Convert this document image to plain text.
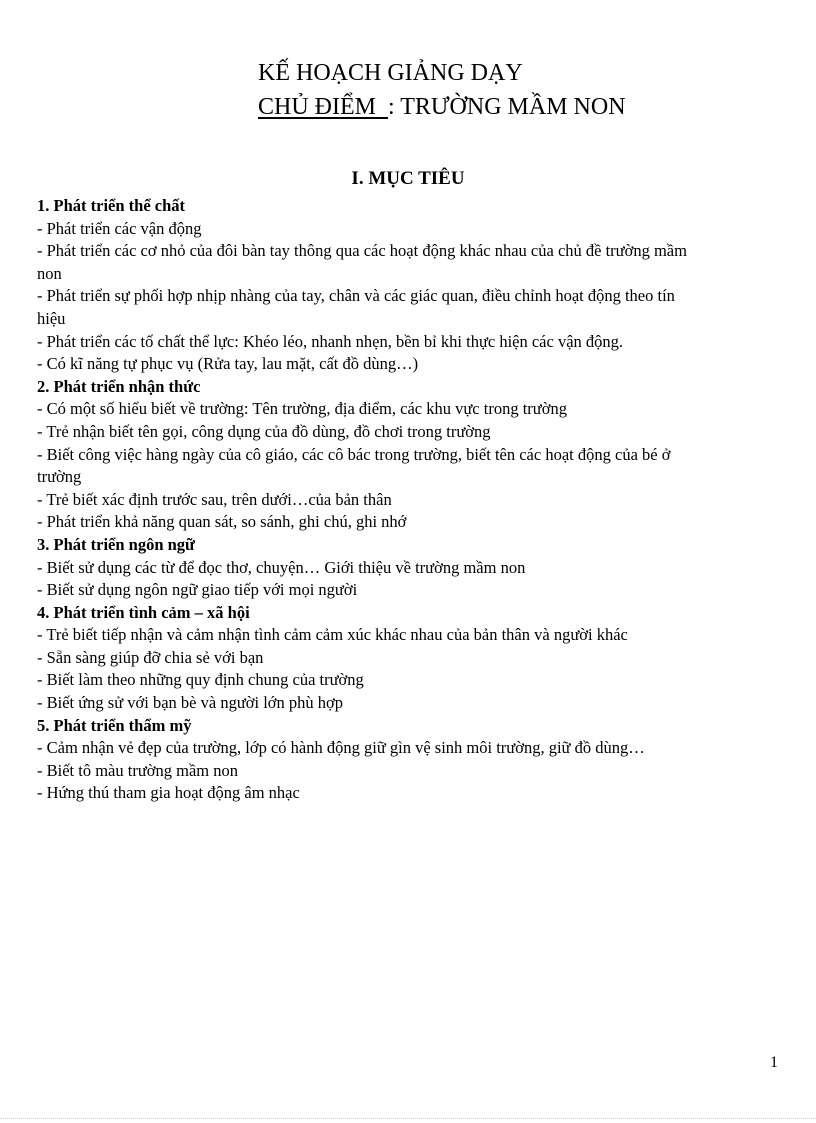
KẾ HOẠCH GIẢNG DẠY
CHỦ ĐIỂM  : TRƯỜNG MẦM NON
I. MỤC TIÊU
1. Phát triển thể chất
- Phát triển các vận động
- Phát triển các cơ nhỏ của đôi bàn tay thông qua các hoạt động khác nhau của chủ đề trường mầm
non
- Phát triển sự phối hợp nhịp nhàng của tay, chân và các giác quan, điều chỉnh hoạt động theo tín
hiệu
- Phát triển các tố chất thể lực: Khéo léo, nhanh nhẹn, bền bỉ khi thực hiện các vận động.
- Có kĩ năng tự phục vụ (Rửa tay, lau mặt, cất đồ dùng…)
2. Phát triển nhận thức
- Có một số hiểu biết về trường: Tên trường, địa điểm, các khu vực trong trường
- Trẻ nhận biết tên gọi, công dụng của đồ dùng, đồ chơi trong trường
- Biết công việc hàng ngày của cô giáo, các cô bác trong trường, biết tên các hoạt động của bé ở
trường
- Trẻ biết xác định trước sau, trên dưới…của bản thân
- Phát triển khả năng quan sát, so sánh, ghi chú, ghi nhớ
3. Phát triển ngôn ngữ
- Biết sử dụng các từ để đọc thơ, chuyện… Giới thiệu về trường mầm non
- Biết sử dụng ngôn ngữ giao tiếp với mọi người
4. Phát triển tình cảm – xã hội
- Trẻ biết tiếp nhận và cảm nhận tình cảm cảm xúc khác nhau của bản thân và người khác
- Sẵn sàng giúp đỡ chia sẻ với bạn
- Biết làm theo những quy định chung của trường
- Biết ứng sử với bạn bè và người lớn phù hợp
5. Phát triển thẩm mỹ
- Cảm nhận vẻ đẹp của trường, lớp có hành động giữ gìn vệ sinh môi trường, giữ đồ dùng…
- Biết tô màu trường mầm non
- Hứng thú tham gia hoạt động âm nhạc
1
